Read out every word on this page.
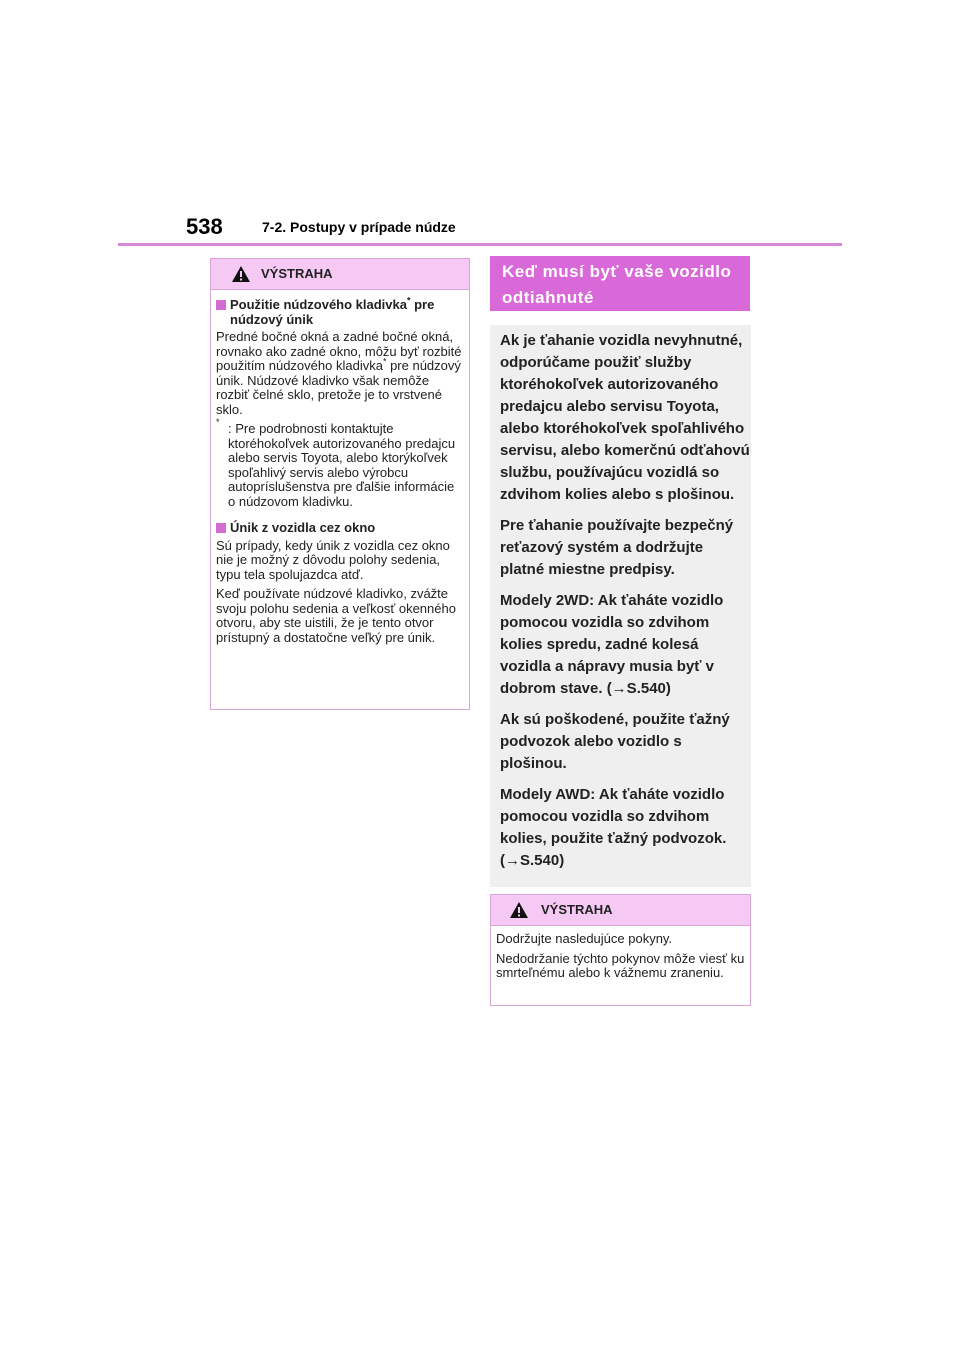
538	7-2. Postupy v prípade núdze
VÝSTRAHA
Použitie núdzového kladivka* pre núdzový únik

Predné bočné okná a zadné bočné okná, rovnako ako zadné okno, môžu byť rozbité použitím núdzového kladivka* pre núdzový únik. Núdzové kladivko však nemôže rozbiť čelné sklo, pretože je to vrstvené sklo.

* : Pre podrobnosti kontaktujte ktoréhokoľvek autorizovaného predajcu alebo servis Toyota, alebo ktorýkoľvek spoľahlivý servis alebo výrobcu autopríslušenstva pre ďalšie informácie o núdzovom kladivku.
Únik z vozidla cez okno

Sú prípady, kedy únik z vozidla cez okno nie je možný z dôvodu polohy sedenia, typu tela spolujazdca atď.

Keď používate núdzové kladivko, zvážte svoju polohu sedenia a veľkosť okenného otvoru, aby ste uistili, že je tento otvor prístupný a dostatočne veľký pre únik.

Keď musí byť vaše vozidlo odtiahnuté

Ak je ťahanie vozidla nevyhnutné, odporúčame použiť služby ktoréhokoľvek autorizovaného predajcu alebo servisu Toyota, alebo ktoréhokoľvek spoľahlivého servisu, alebo komerčnú odťahovú službu, používajúcu vozidlá so zdvihom kolies alebo s plošinou.

Pre ťahanie používajte bezpečný reťazový systém a dodržujte platné miestne predpisy.

Modely 2WD: Ak ťaháte vozidlo pomocou vozidla so zdvihom kolies spredu, zadné kolesá vozidla a nápravy musia byť v dobrom stave. (→S.540)

Ak sú poškodené, použite ťažný podvozok alebo vozidlo s plošinou.

Modely AWD: Ak ťaháte vozidlo pomocou vozidla so zdvihom kolies, použite ťažný podvozok. (→S.540)

VÝSTRAHA

Dodržujte nasledujúce pokyny.

Nedodržanie týchto pokynov môže viesť ku smrteľnému alebo k vážnemu zraneniu.
